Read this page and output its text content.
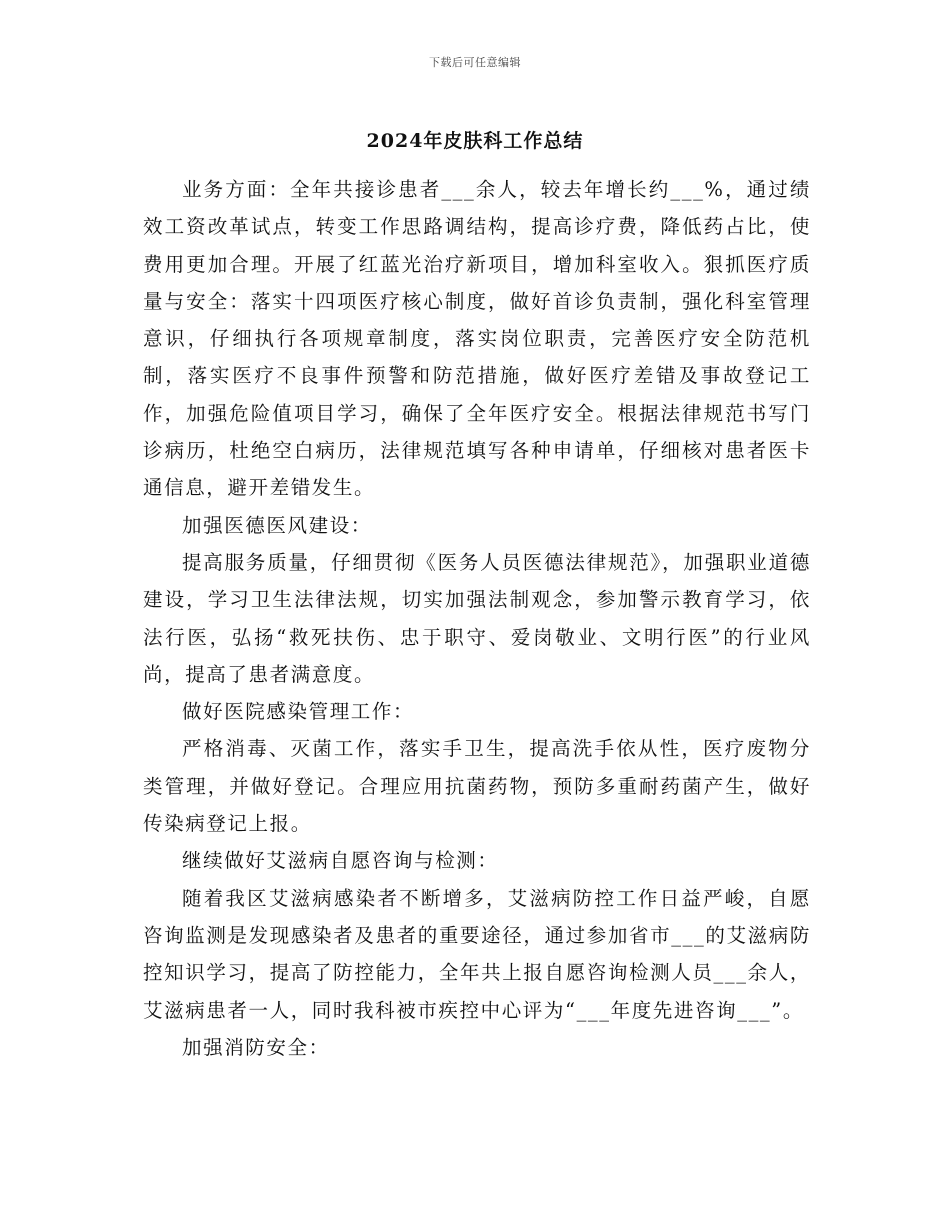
下载后可任意编辑
2024年皮肤科工作总结

业务方面：全年共接诊患者___余人，较去年增长约___%，通过绩效工资改革试点，转变工作思路调结构，提高诊疗费，降低药占比，使费用更加合理。开展了红蓝光治疗新项目，增加科室收入。狠抓医疗质量与安全：落实十四项医疗核心制度，做好首诊负责制，强化科室管理意识，仔细执行各项规章制度，落实岗位职责，完善医疗安全防范机制，落实医疗不良事件预警和防范措施，做好医疗差错及事故登记工作，加强危险值项目学习，确保了全年医疗安全。根据法律规范书写门诊病历，杜绝空白病历，法律规范填写各种申请单，仔细核对患者医卡通信息，避开差错发生。

加强医德医风建设：

提高服务质量，仔细贯彻《医务人员医德法律规范》，加强职业道德建设，学习卫生法律法规，切实加强法制观念，参加警示教育学习，依法行医，弘扬“救死扶伤、忠于职守、爱岗敬业、文明行医”的行业风尚，提高了患者满意度。

做好医院感染管理工作：

严格消毒、灭菌工作，落实手卫生，提高洗手依从性，医疗废物分类管理，并做好登记。合理应用抗菌药物，预防多重耐药菌产生，做好传染病登记上报。

继续做好艾滋病自愿咨询与检测：

随着我区艾滋病感染者不断增多，艾滋病防控工作日益严峻，自愿咨询监测是发现感染者及患者的重要途径，通过参加省市___的艾滋病防控知识学习，提高了防控能力，全年共上报自愿咨询检测人员___余人，艾滋病患者一人，同时我科被市疾控中心评为“___年度先进咨询___”。

加强消防安全：
